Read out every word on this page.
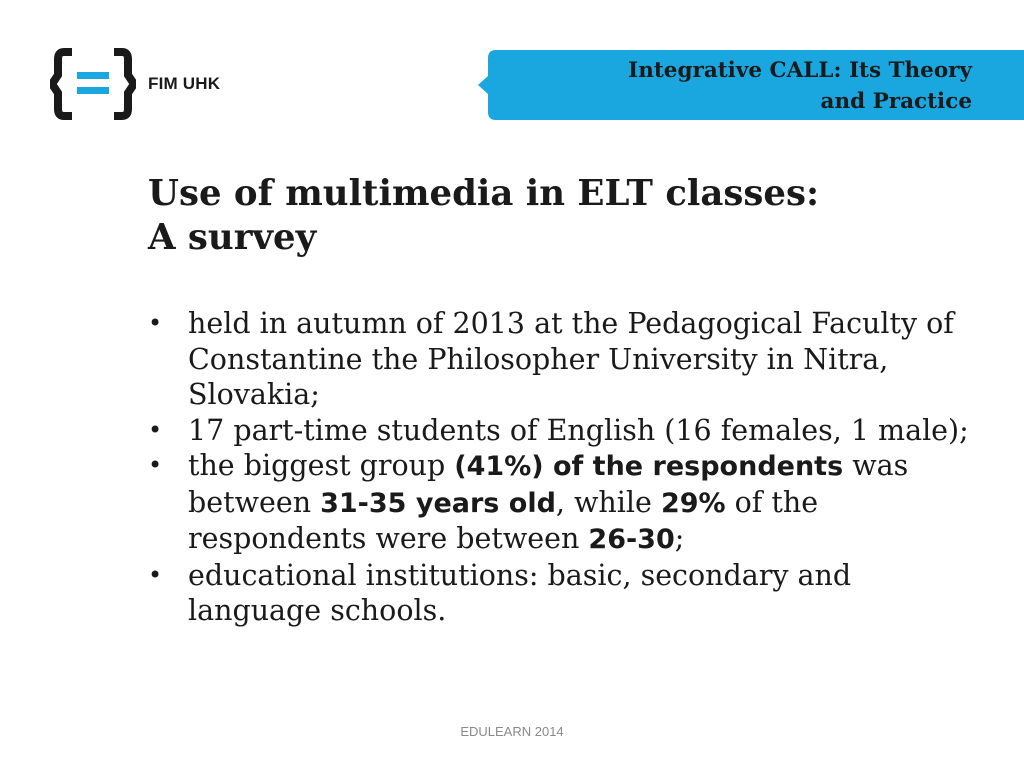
FIM UHK
Integrative CALL: Its Theory
and Practice
Use of multimedia in ELT classes:
A survey
• held in autumn of 2013 at the Pedagogical Faculty of Constantine the Philosopher University in Nitra, Slovakia;
• 17 part-time students of English (16 females, 1 male);
• the biggest group (41%) of the respondents was between 31-35 years old, while 29% of the respondents were between 26-30;
• educational institutions: basic, secondary and language schools.
EDULEARN 2014
